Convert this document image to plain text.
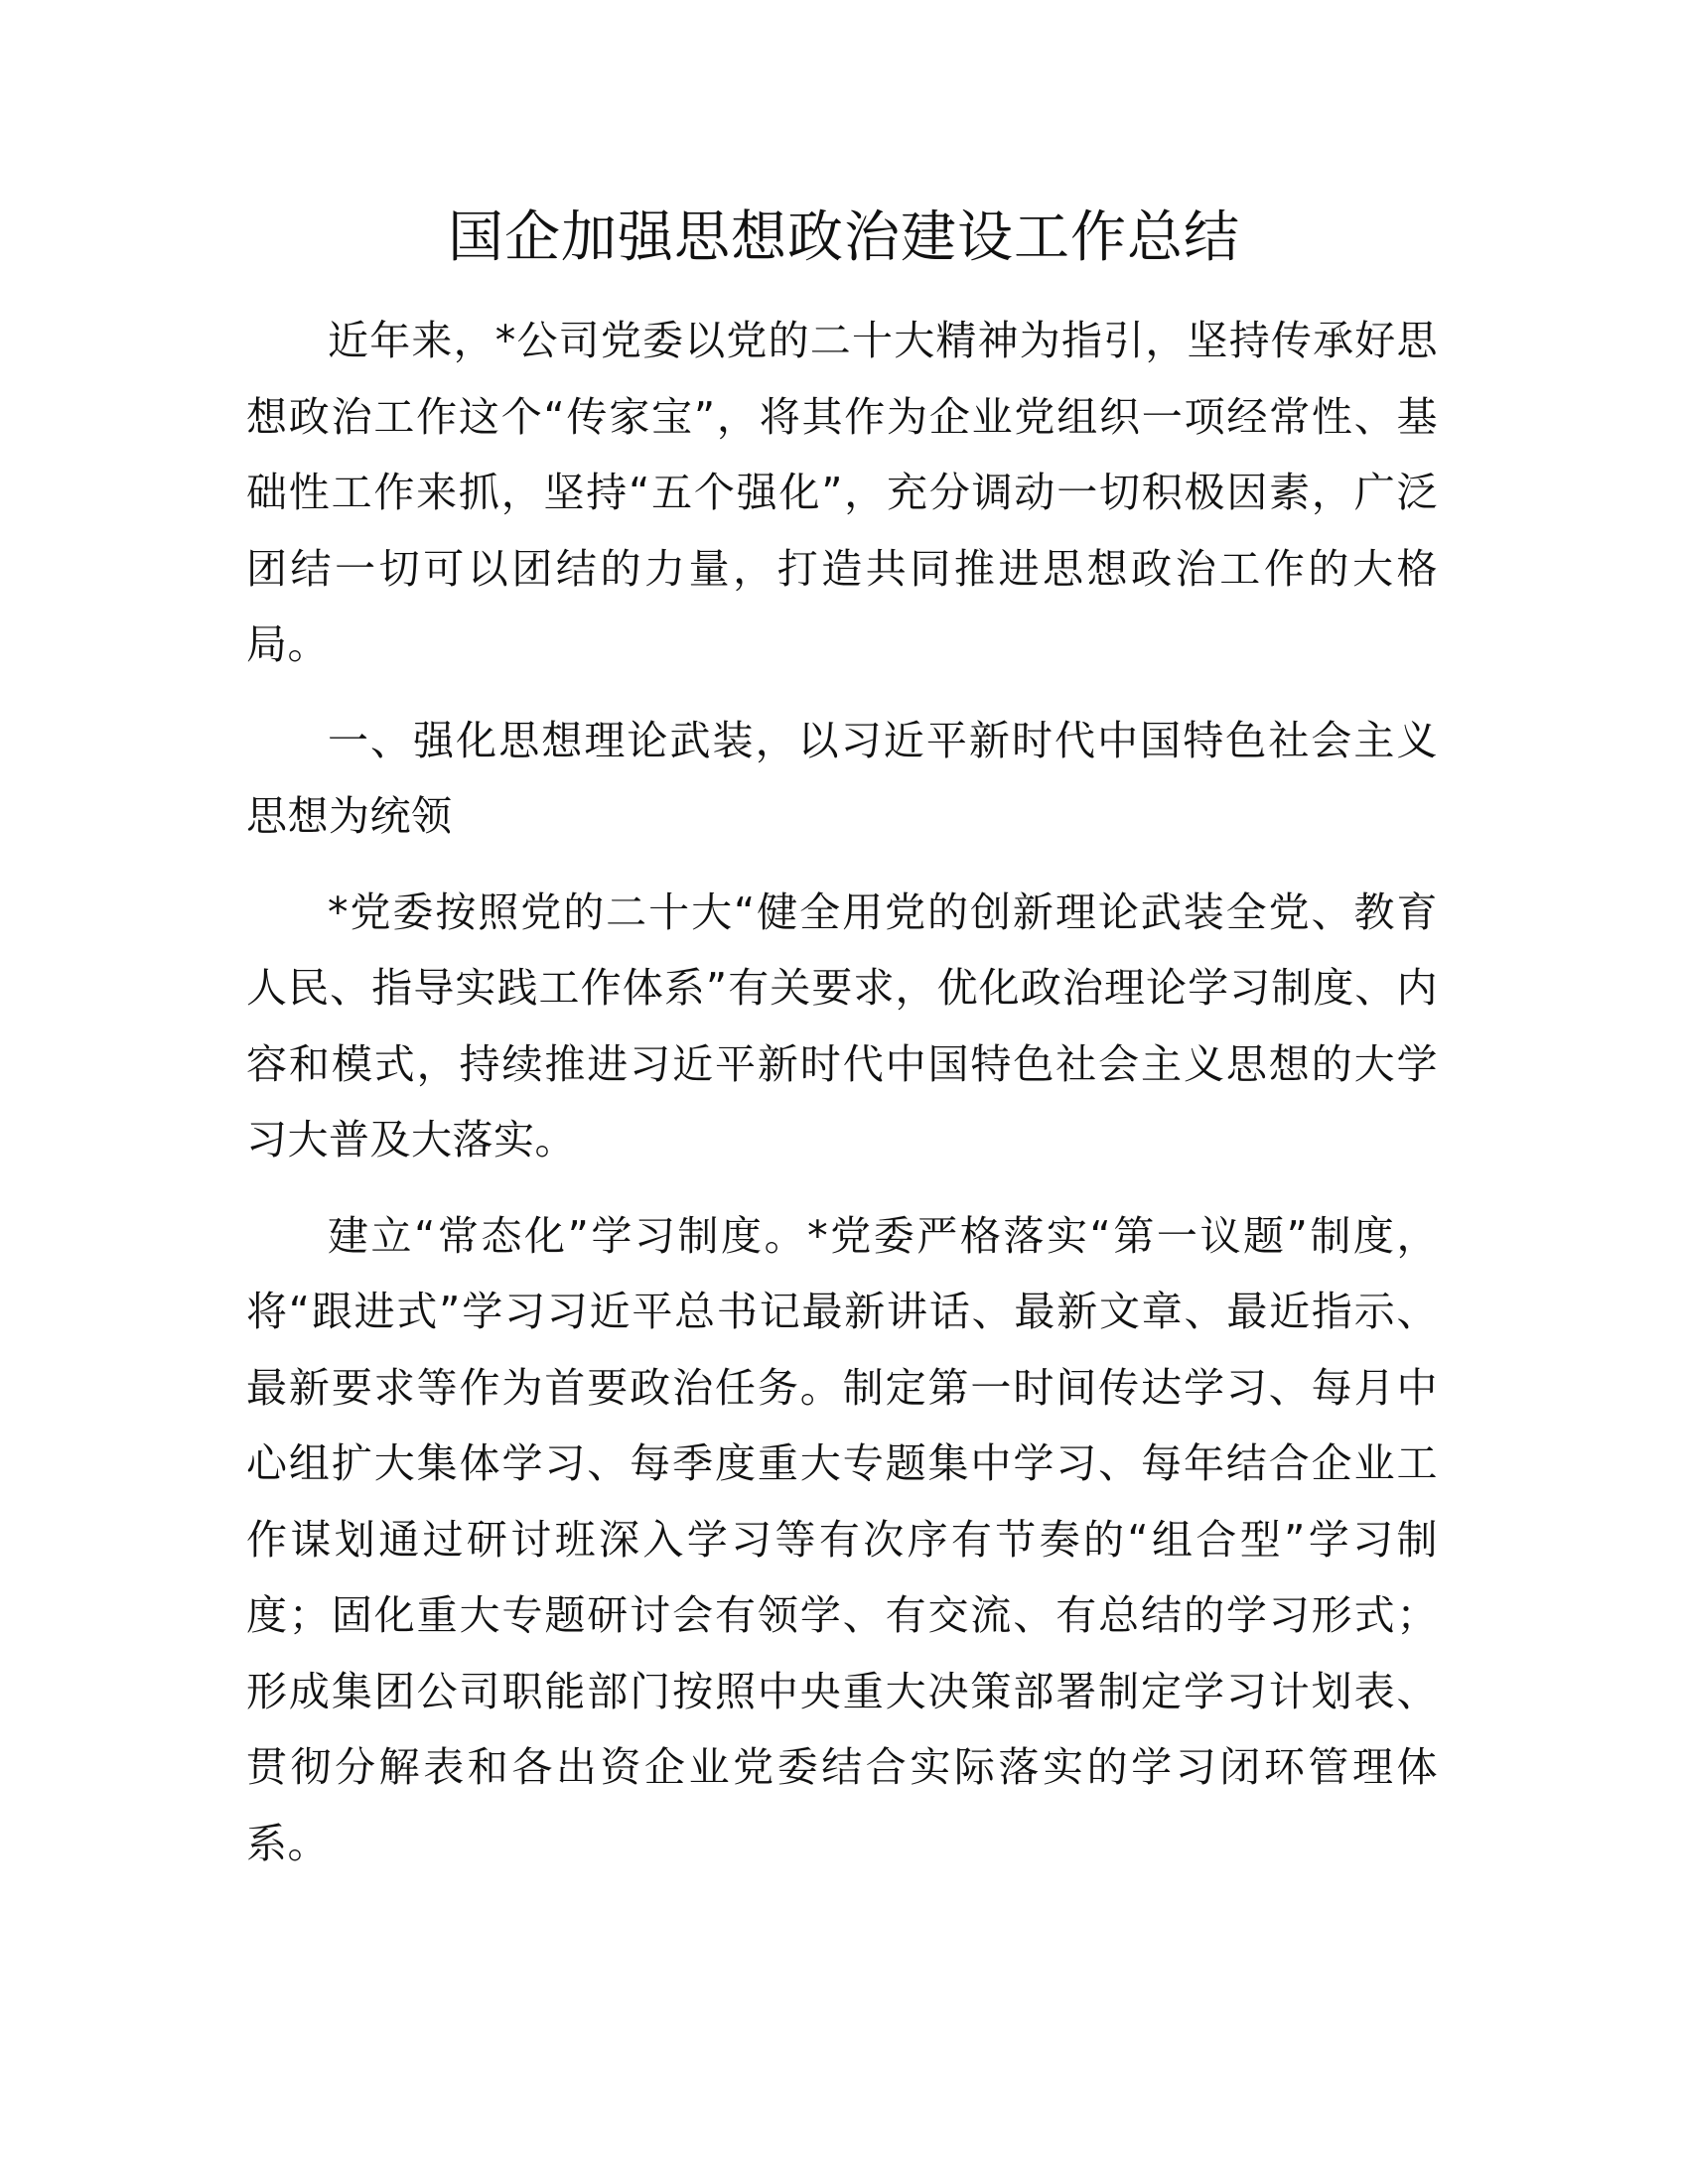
国企加强思想政治建设工作总结

近年来，*公司党委以党的二十大精神为指引，坚持传承好思想政治工作这个“传家宝”，将其作为企业党组织一项经常性、基础性工作来抓，坚持“五个强化”，充分调动一切积极因素，广泛团结一切可以团结的力量，打造共同推进思想政治工作的大格局。

一、强化思想理论武装，以习近平新时代中国特色社会主义思想为统领

*党委按照党的二十大“健全用党的创新理论武装全党、教育人民、指导实践工作体系”有关要求，优化政治理论学习制度、内容和模式，持续推进习近平新时代中国特色社会主义思想的大学习大普及大落实。

建立“常态化”学习制度。*党委严格落实“第一议题”制度，将“跟进式”学习习近平总书记最新讲话、最新文章、最近指示、最新要求等作为首要政治任务。制定第一时间传达学习、每月中心组扩大集体学习、每季度重大专题集中学习、每年结合企业工作谋划通过研讨班深入学习等有次序有节奏的“组合型”学习制度；固化重大专题研讨会有领学、有交流、有总结的学习形式；形成集团公司职能部门按照中央重大决策部署制定学习计划表、贯彻分解表和各出资企业党委结合实际落实的学习闭环管理体系。
